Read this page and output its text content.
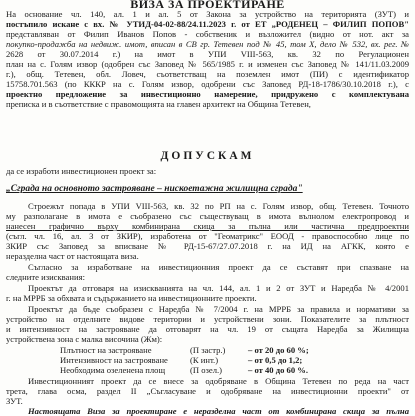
ВИЗА ЗА ПРОЕКТИРАНЕ
На основание чл. 140, ал. 1 и ал. 5 от Закона за устройство на територията (ЗУТ) и
постъпило искане с вх. № УТИД-04-02-88/24.11.2023 г. от ЕТ „РОДЕНЕЦ – ФИЛИП ПОПОВ"
представляван от Филип Иванов Попов - собственик и възложител (видно от нот. акт за
покупко-продажба на недвиж. имот, вписан в СВ гр. Тетевен под № 45, том Х, дело № 532, вх. рег. №
2628 от 30.07.2014 г.) на имот в УПИ VIII-563, кв. 32 по Регулационен
план на с. Голям извор (одобрен със Заповед № 565/1985 г. и изменен със Заповед № 141/11.03.2009
г.), общ. Тетевен, обл. Ловеч, съответстващ на поземлен имот (ПИ) с идентификатор
15758.701.563 (по КККР на с. Голям извор, одобрени със Заповед РД-18-1786/30.10.2018 г.), с
проектно предложение за инвестиционно намерение, придружено с комплектувана
преписка и в съответствие с правомощията на главен архитект на Община Тетевен,
ДОПУСКАМ
да се изработи инвестиционен проект за:
„Сграда на основното застрояване – нискоетажна жилищна сграда"
Строежът попада в УПИ VIII-563, кв. 32 по РП на с. Голям извор, общ. Тетевен. Точното
му разполагане в имота е съобразено със съществуващ в имота вълнолом електропровод и
нанесен графично върху комбинирана скица за пълна или частична предпроектни
(съгл. чл. 16, ал. 3 от ЗКИР), изработена от "Геоматрикс" ЕООД - правоспособно лице по
ЗКИР със Заповед за вписване № РД-15-67/27.07.2018 г. на ИД на АГКК, която е
неразделна част от настоящата виза.
Съгласно за изработване на инвестиционния проект да се съставят при спазване на
следните изисквания:
Проектът да отговаря на изискванията на чл. 144, ал. 1 и 2 от ЗУТ и Наредба № 4/2001
г. на МРРБ за обхвата и съдържанието на инвестиционните проекти.
Проектът да бъде съобразен с Наредба № 7/2004 г. на МРРБ за правила и нормативи за
устройство на отделните видове територии и устройствени зони. Показателите за плътност
и интензивност на застрояване да отговарят на чл. 19 от същата Наредба за Жилищна
устройствена зона с малка височина (Жм):
Плътност на застрояване	(П застр.)	– от 20 до 60 %;
Интензивност на застрояване	(К инт.)	– от 0,5 до 1,2;
Необходима озеленена площ	(П озел.)	– от 40 до 60 %.
Инвестиционният проект да се внесе за одобряване в Община Тетевен по реда на част
трета, глава осма, раздел II „Съгласуване и одобряване на инвестиционни проекти" от
ЗУТ.
Настоящата Виза за проектиране е неразделна част от комбинирана скица за пълна
